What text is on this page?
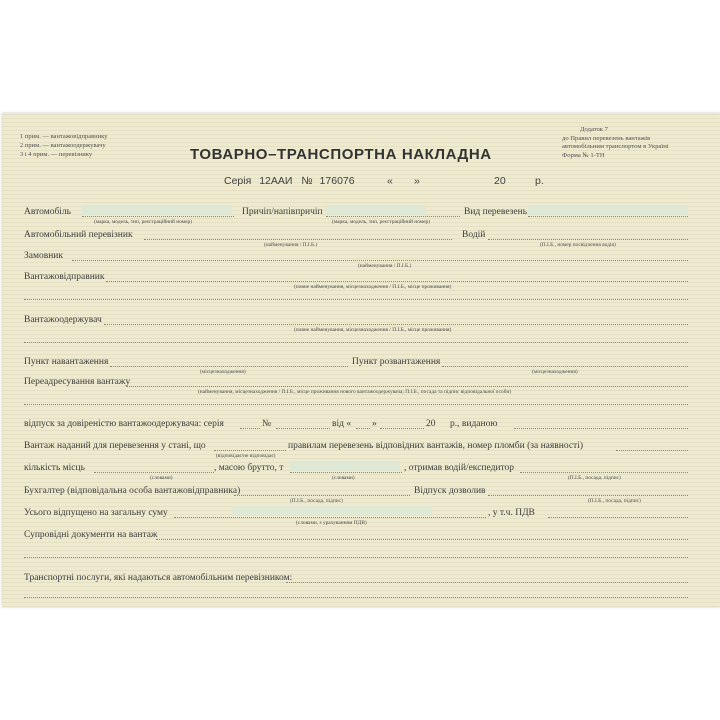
1 прим. — вантажовідправнику
2 прим. — вантажоодержувачу
3 і 4 прим. — перевізнику
Додаток 7
до Правил перевезень вантажів
автомобільним транспортом в Україні
Форма № 1-ТН
ТОВАРНО–ТРАНСПОРТНА НАКЛАДНА
Серія 12ААИ № 176076	« »	20	р.
Автомобіль
(марка, модель, тип, реєстраційний номер)
Причіп/напівпричіп
(марка, модель, тип, реєстраційний номер)
Вид перевезень
Автомобільний перевізник
(найменування / П.І.Б.)
Водій
(П.І.Б., номер посвідчення водія)
Замовник
(найменування / П.І.Б.)
Вантажовідправник
(повне найменування, місцезнаходження / П.І.Б., місце проживання)
Вантажоодержувач
(повне найменування, місцезнаходження / П.І.Б., місце проживання)
Пункт навантаження
(місцезнаходження)
Пункт розвантаження
(місцезнаходження)
Переадресування вантажу
(найменування, місцезнаходження / П.І.Б., місце проживання нового вантажоодержувача; П.І.Б., посада та підпис відповідальної особи)
відпуск за довіреністю вантажоодержувача: серія	№	від « »	20 р., виданою
Вантаж наданий для перевезення у стані, що
(відповідає/не відповідає)
правилам перевезень відповідних вантажів, номер пломби (за наявності)
кількість місць
(словами)
, масою брутто, т
(словами)
, отримав водій/експедитор
(П.І.Б., посада, підпис)
Бухгалтер (відповідальна особа вантажовідправника)
(П.І.Б., посада, підпис)
Відпуск дозволив
(П.І.Б., посада, підпис)
Усього відпущено на загальну суму
(словами, з урахуванням ПДВ)
, у т.ч. ПДВ
Супровідні документи на вантаж
Транспортні послуги, які надаються автомобільним перевізником:
